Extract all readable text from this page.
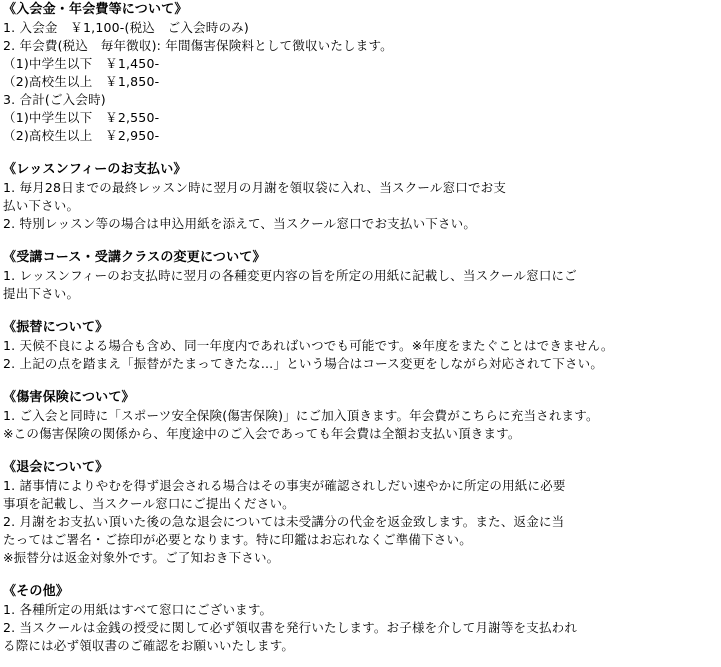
《入会金・年会費等について》
1. 入会金　￥1,100-(税込　ご入会時のみ)
2. 年会費(税込　毎年徴収): 年間傷害保険料として徴収いたします。
（1)中学生以下　￥1,450-
（2)高校生以上　￥1,850-
3. 合計(ご入会時)
（1)中学生以下　￥2,550-
（2)高校生以上　￥2,950-
《レッスンフィーのお支払い》
1. 毎月28日までの最終レッスン時に翌月の月謝を領収袋に入れ、当スクール窓口でお支
払い下さい。
2. 特別レッスン等の場合は申込用紙を添えて、当スクール窓口でお支払い下さい。
《受講コース・受講クラスの変更について》
1. レッスンフィーのお支払時に翌月の各種変更内容の旨を所定の用紙に記載し、当スクール窓口にご
提出下さい。
《振替について》
1. 天候不良による場合も含め、同一年度内であればいつでも可能です。※年度をまたぐことはできません。
2. 上記の点を踏まえ「振替がたまってきたな…」という場合はコース変更をしながら対応されて下さい。
《傷害保険について》
1. ご入会と同時に「スポーツ安全保険(傷害保険)」にご加入頂きます。年会費がこちらに充当されます。
※この傷害保険の関係から、年度途中のご入会であっても年会費は全額お支払い頂きます。
《退会について》
1. 諸事情によりやむを得ず退会される場合はその事実が確認されしだい速やかに所定の用紙に必要
事項を記載し、当スクール窓口にご提出ください。
2. 月謝をお支払い頂いた後の急な退会については未受講分の代金を返金致します。また、返金に当
たってはご署名・ご捺印が必要となります。特に印鑑はお忘れなくご準備下さい。
※振替分は返金対象外です。ご了知おき下さい。
《その他》
1. 各種所定の用紙はすべて窓口にございます。
2. 当スクールは金銭の授受に関して必ず領収書を発行いたします。お子様を介して月謝等を支払われ
る際には必ず領収書のご確認をお願いいたします。
